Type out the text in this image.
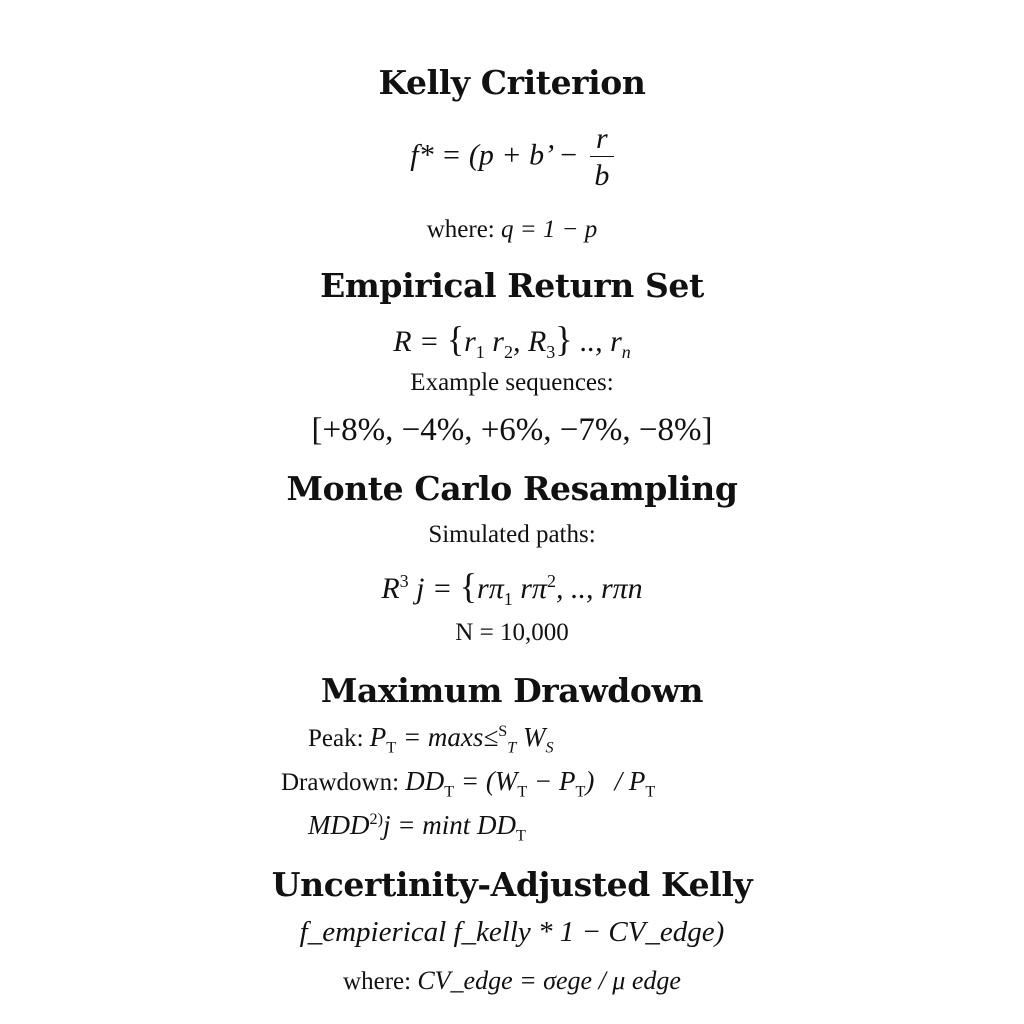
Kelly Criterion
f* = (p + b’ − $\frac{r}{b}$
where: q = 1 − p
Empirical Return Set
$R = \{r_1$ $r_2$, $R_3$} .., $r_n$
Example sequences:
[+8%, −4%, +6%, −7%, −8%]
Monte Carlo Resampling
Simulated paths:
$R^3$ $j = \{r\pi_1$ $r\pi^2$, .., rπn
N = 10,000
Maximum Drawdown
Peak: $P_T = \max s\le^S_T$ $W_S$
Drawdown: $DD_T = (W_T - P_T) / P_T$
$MDD^{2)}j = \min t$ $DD_T$
Uncertinity-Adjusted Kelly
f_empierical f_kelly * 1 − CV_edge)
where: CV_edge = σege / μ edge
